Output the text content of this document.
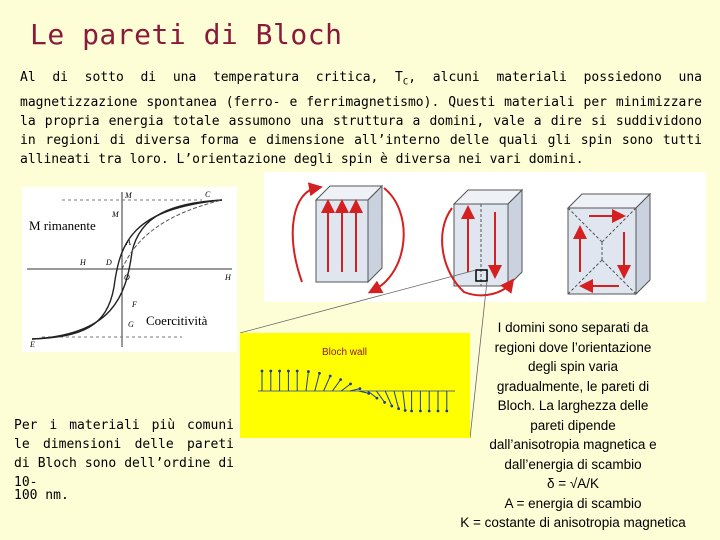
Le pareti di Bloch
Al di sotto di una temperatura critica, $T_C$, alcuni materiali possiedono una magnetizzazione spontanea (ferro- e ferrimagnetismo). Questi materiali per minimizzare la propria energia totale assumono una struttura a domini, vale a dire si suddividono in regioni di diversa forma e dimensione all’interno delle quali gli spin sono tutti allineati tra loro. L’orientazione degli spin è diversa nei vari domini.
M
M
C
A
D
H
O	H
F
G
E
M rimanente
Coercitività
Bloch wall
Per i materiali più comuni le dimensioni delle pareti di Bloch sono dell’ordine di 10-
100 nm.
I domini sono separati da
regioni dove l’orientazione
degli spin varia
gradualmente, le pareti di
Bloch. La larghezza delle
pareti dipende
dall’anisotropia magnetica e
dall’energia di scambio
δ = √A/K
A = energia di scambio
K = costante di anisotropia magnetica
